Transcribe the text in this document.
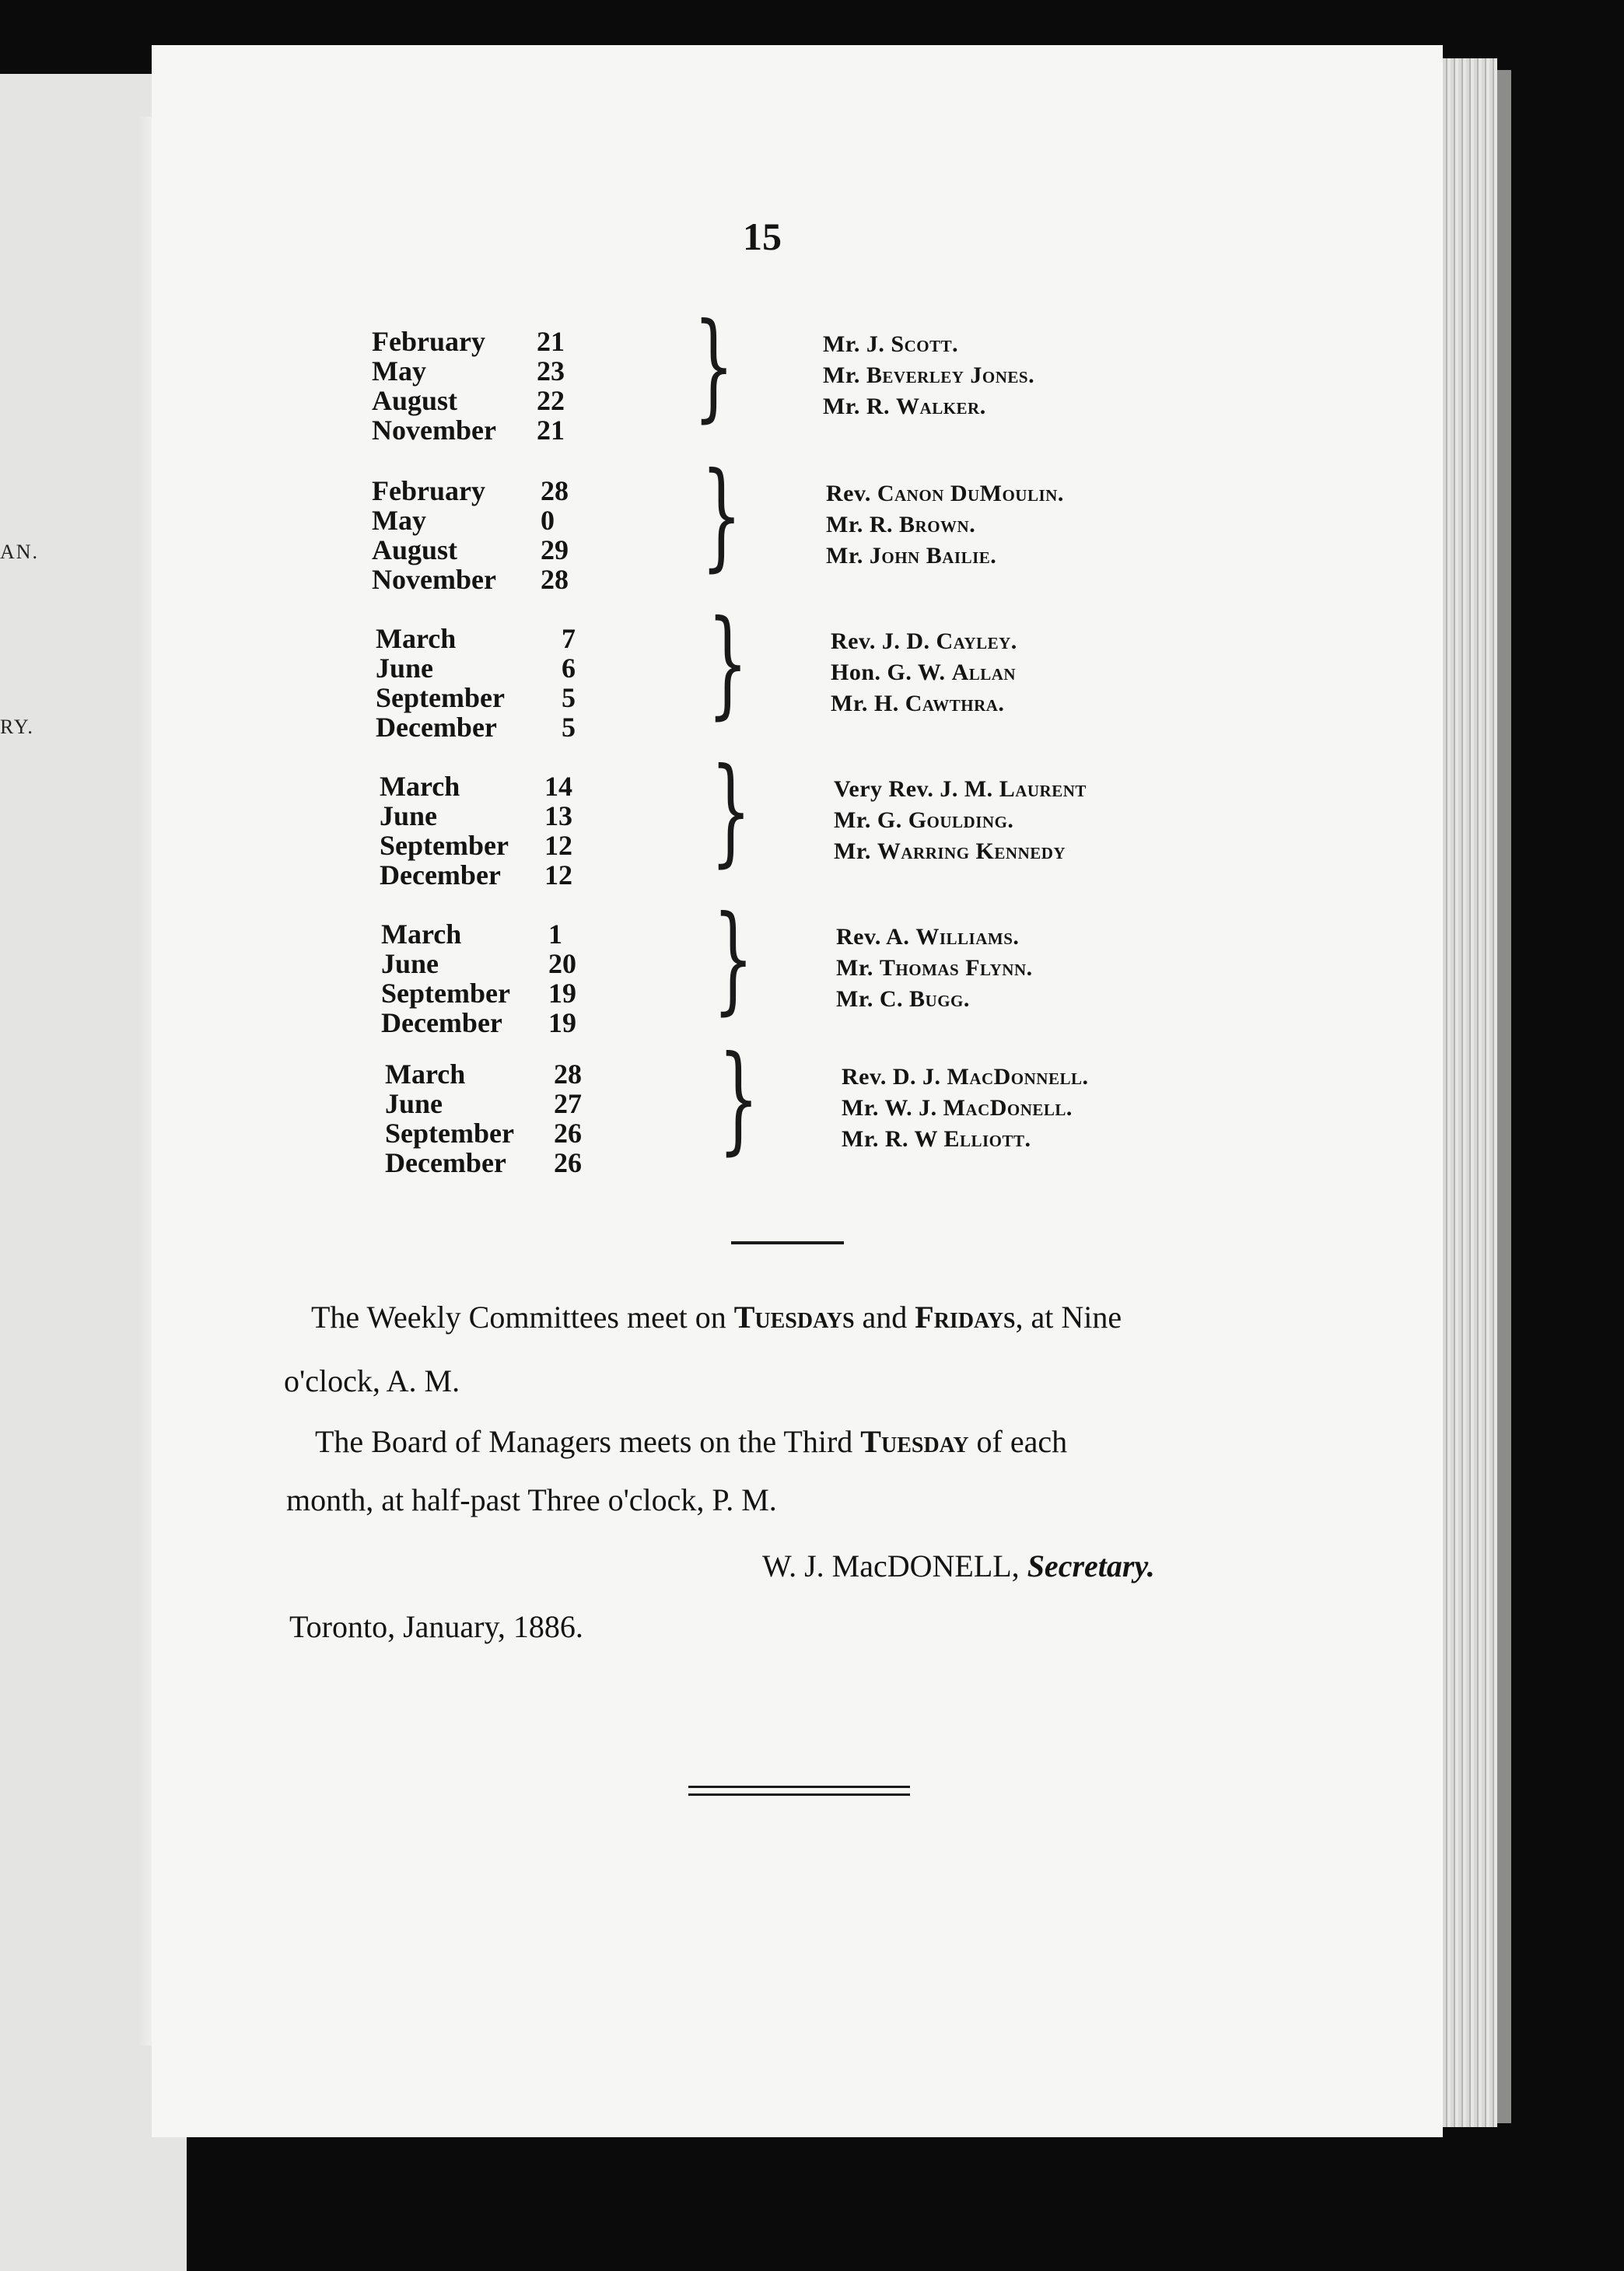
AN.
RY.
15
February 21
May	23
August	22
November 21 }	Mr. J. Scott.
Mr. Beverley Jones.
Mr. R. Walker.
February 28
May	0
August	29
November 28 }	Rev. Canon DuMoulin.
Mr. R. Brown.
Mr. John Bailie.
March	7
June	6
September 5
December 5 }	Rev. J. D. Cayley.
Hon. G. W. Allan
Mr. H. Cawthra.
March	14
June	13
September 12
December 12 }	Very Rev. J. M. Laurent
Mr. G. Goulding.
Mr. Warring Kennedy
March	1
June	20
September 19
December 19 }	Rev. A. Williams.
Mr. Thomas Flynn.
Mr. C. Bugg.
March	28
June	27
September 26
December 26 }	Rev. D. J. MacDonnell.
Mr. W. J. MacDonell.
Mr. R. W Elliott.
The Weekly Committees meet on Tuesdays and Fridays, at Nine
o'clock, A. M.
The Board of Managers meets on the Third Tuesday of each
month, at half-past Three o'clock, P. M.
W. J. MacDONELL, Secretary.
Toronto, January, 1886.
